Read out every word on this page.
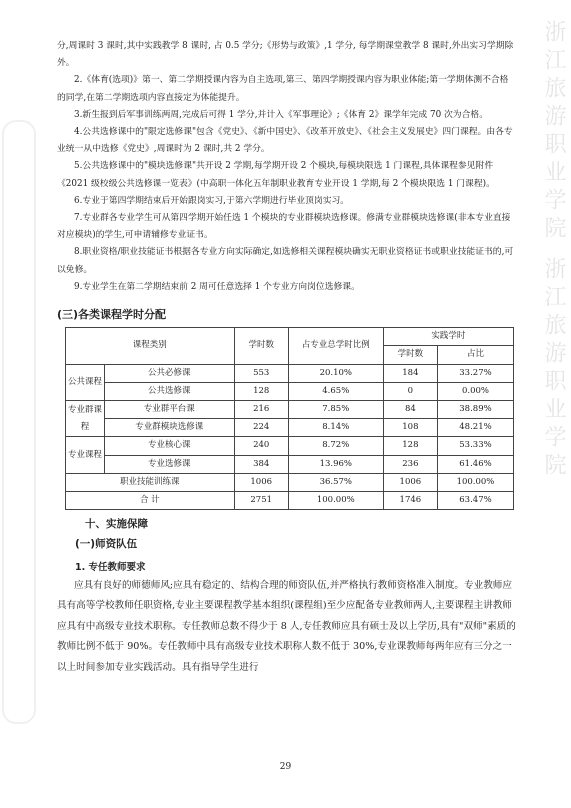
浙江旅游职业学院 浙江旅游职业学院

分,周课时 3 课时,其中实践教学 8 课时, 占 0.5 学分;《形势与政策》,1 学分, 每学期课堂教学 8 课时,外出实习学期除外。

2.《体育(选项)》第一、第二学期授课内容为自主选项,第三、第四学期授课内容为职业体能;第一学期体测不合格的同学,在第二学期选项内容直接定为体能提升。

3.新生报到后军事训练两周,完成后可得 1 学分,并计入《军事理论》;《体育 2》课学年完成 70 次为合格。

4.公共选修课中的"限定选修课"包含《党史》、《新中国史》、《改革开放史》、《社会主义发展史》四门课程。由各专业统一从中选修《党史》,周课时为 2 课时,共 2 学分。

5.公共选修课中的"模块选修课"共开设 2 学期,每学期开设 2 个模块,每模块限选 1 门课程,具体课程参见附件《2021 级校级公共选修课一览表》(中高职一体化五年制职业教育专业开设 1 学期,每 2 个模块限选 1 门课程)。

6.专业于第四学期结束后开始跟岗实习,于第六学期进行毕业顶岗实习。

7.专业群各专业学生可从第四学期开始任选 1 个模块的专业群模块选修课。修满专业群模块选修课(非本专业直接对应模块)的学生,可申请辅修专业证书。

8.职业资格/职业技能证书根据各专业方向实际确定,如选修相关课程模块确实无职业资格证书或职业技能证书的,可以免修。

9.专业学生在第二学期结束前 2 周可任意选择 1 个专业方向岗位选修课。

(三)各类课程学时分配
课程类别		学时数	占专业总学时比例	实践学时	
				学时数	占比
公共课程	公共必修课	553	20.10%	184	33.27%
	公共选修课	128	4.65%	0	0.00%
专业群课程	专业群平台课	216	7.85%	84	38.89%
	专业群模块选修课	224	8.14%	108	48.21%
专业课程	专业核心课	240	8.72%	128	53.33%
	专业选修课	384	13.96%	236	61.46%
职业技能训练课		1006	36.57%	1006	100.00%
合 计		2751	100.00%	1746	63.47%
十、实施保障
(一)师资队伍
1. 专任教师要求

应具有良好的师德师风;应具有稳定的、结构合理的师资队伍,并严格执行教师资格准入制度。专业教师应具有高等学校教师任职资格,专业主要课程教学基本组织(课程组)至少应配备专业教师两人,主要课程主讲教师应具有中高级专业技术职称。专任教师总数不得少于 8 人,专任教师应具有硕士及以上学历,具有"双师"素质的教师比例不低于 90%。专任教师中具有高级专业技术职称人数不低于 30%,专业课教师每两年应有三分之一以上时间参加专业实践活动。具有指导学生进行

29
